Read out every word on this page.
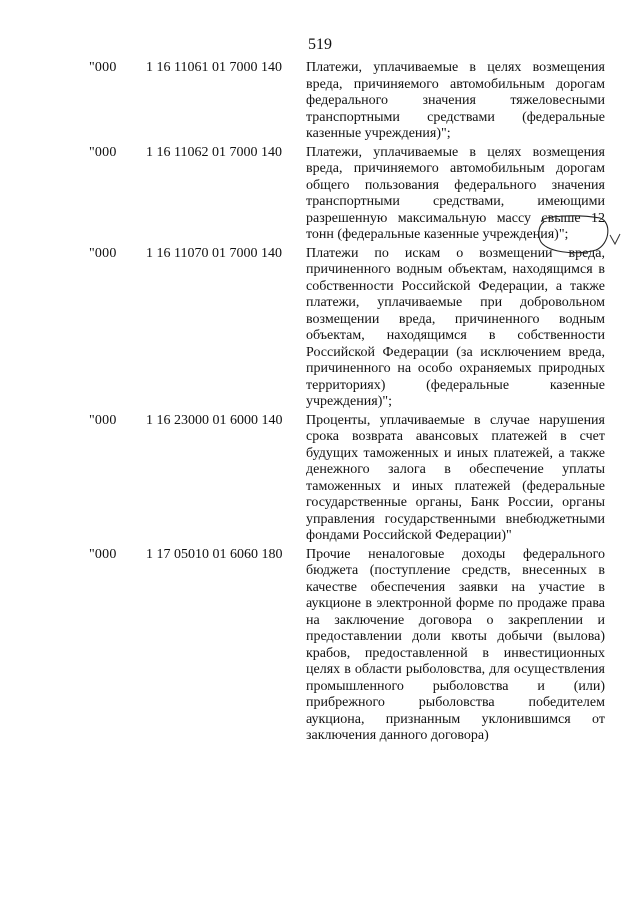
519
"000	1 16 11061 01 7000 140	Платежи, уплачиваемые в целях возмещения вреда, причиняемого автомобильным дорогам федерального значения тяжеловесными транспортными средствами (федеральные казенные учреждения)";
"000	1 16 11062 01 7000 140	Платежи, уплачиваемые в целях возмещения вреда, причиняемого автомобильным дорогам общего пользования федерального значения транспортными средствами, имеющими разрешенную максимальную массу свыше 12 тонн (федеральные казенные учреждения)";
"000	1 16 11070 01 7000 140	Платежи по искам о возмещении вреда, причиненного водным объектам, находящимся в собственности Российской Федерации, а также платежи, уплачиваемые при добровольном возмещении вреда, причиненного водным объектам, находящимся в собственности Российской Федерации (за исключением вреда, причиненного на особо охраняемых природных территориях) (федеральные казенные учреждения)";
"000	1 16 23000 01 6000 140	Проценты, уплачиваемые в случае нарушения срока возврата авансовых платежей в счет будущих таможенных и иных платежей, а также денежного залога в обеспечение уплаты таможенных и иных платежей (федеральные государственные органы, Банк России, органы управления государственными внебюджетными фондами Российской Федерации)"
"000	1 17 05010 01 6060 180	Прочие неналоговые доходы федерального бюджета (поступление средств, внесенных в качестве обеспечения заявки на участие в аукционе в электронной форме по продаже права на заключение договора о закреплении и предоставлении доли квоты добычи (вылова) крабов, предоставленной в инвестиционных целях в области рыболовства, для осуществления промышленного рыболовства и (или) прибрежного рыболовства победителем аукциона, признанным уклонившимся от заключения данного договора)
